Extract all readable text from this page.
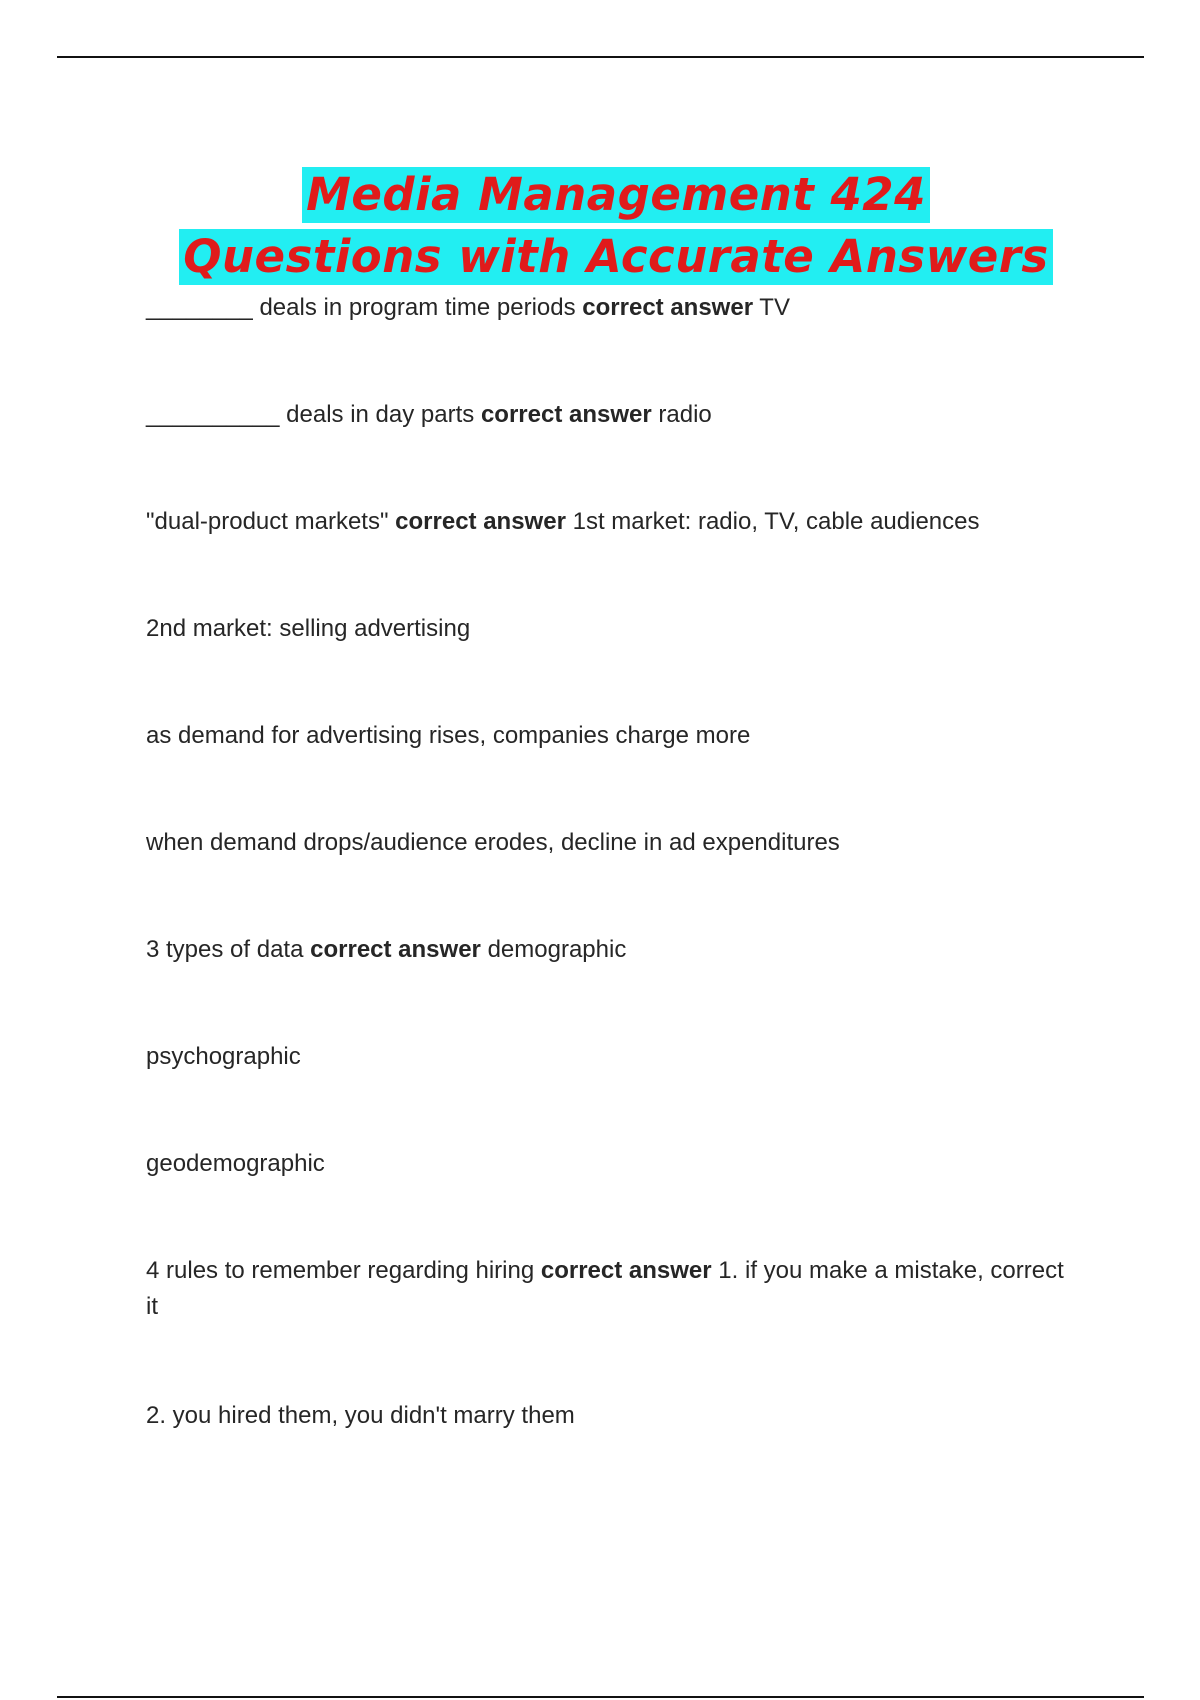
Media Management 424
Questions with Accurate Answers
________ deals in program time periods correct answer TV
__________ deals in day parts correct answer radio
"dual-product markets" correct answer 1st market: radio, TV, cable audiences
2nd market: selling advertising
as demand for advertising rises, companies charge more
when demand drops/audience erodes, decline in ad expenditures
3 types of data correct answer demographic
psychographic
geodemographic
4 rules to remember regarding hiring correct answer 1. if you make a mistake, correct it
2. you hired them, you didn't marry them
